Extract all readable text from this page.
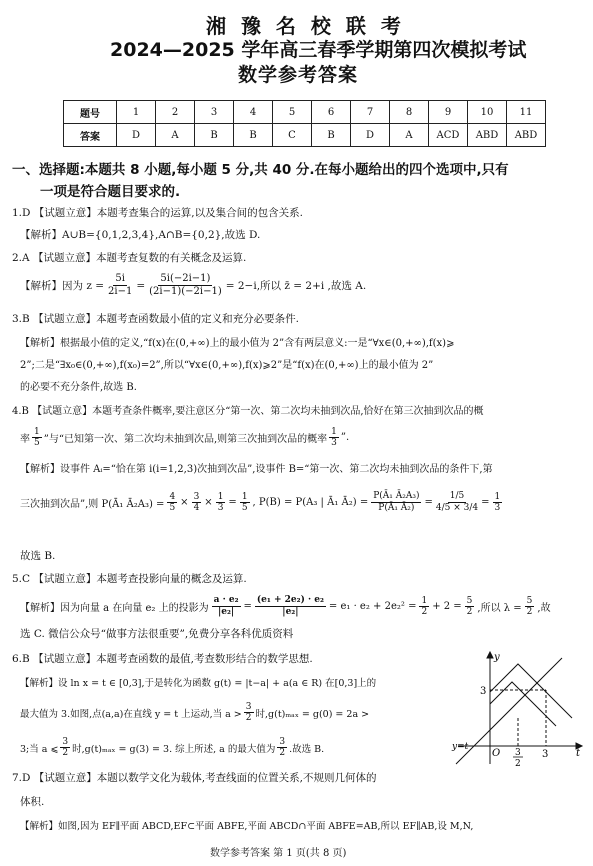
湘 豫 名 校 联 考
2024—2025 学年高三春季学期第四次模拟考试
数学参考答案
题号	1	2	3	4	5	6	7	8	9	10	11
答案	D	A	B	B	C	B	D	A	ACD	ABD	ABD
一、选择题:本题共 8 小题,每小题 5 分,共 40 分.在每小题给出的四个选项中,只有
一项是符合题目要求的.
1.D 【试题立意】本题考查集合的运算,以及集合间的包含关系.
【解析】A∪B={0,1,2,3,4},A∩B={0,2},故选 D.
2.A 【试题立意】本题考查复数的有关概念及运算.
【解析】因为 $z = \frac{5i}{2i-1} = \frac{5i(-2i-1)}{(2i-1)(-2i-1)} = 2-i$,所以 z̄ = 2+i ,故选 A.
3.B 【试题立意】本题考查函数最小值的定义和充分必要条件.
【解析】根据最小值的定义,“f(x)在(0,+∞)上的最小值为 2”含有两层意义:一是“∀x∈(0,+∞),f(x)⩾
2”;二是“∃x₀∈(0,+∞),f(x₀)=2”,所以“∀x∈(0,+∞),f(x)⩾2”是“f(x)在(0,+∞)上的最小值为 2”
的必要不充分条件,故选 B.
4.B 【试题立意】本题考查条件概率,要注意区分“第一次、第二次均未抽到次品,恰好在第三次抽到次品的概
率 $\frac{1}{5}$ ”与“已知第一次、第二次均未抽到次品,则第三次抽到次品的概率 $\frac{1}{3}$ ”.
【解析】设事件 Aᵢ=“恰在第 i(i=1,2,3)次抽到次品”,设事件 B=“第一次、第二次均未抽到次品的条件下,第
三次抽到次品”,则 P(Ā₁ Ā₂A₃) = $\frac{4}{5} \times \frac{3}{4} \times \frac{1}{3} = \frac{1}{5}$ , P(B) = P(A₃ | Ā₁ Ā₂) = $\frac{\text{P(Ā₁ Ā₂A₃)}}{\text{P(Ā₁ Ā₂)}} = \frac{1/5}{4/5 \times 3/4} = \frac{1}{3}$
故选 B.
5.C 【试题立意】本题考查投影向量的概念及运算.
【解析】因为向量 a 在向量 e₂ 上的投影为 $\frac{\text{a · e₂}}{\text{|e₂|}} = \frac{\text{(e₁ + 2e₂) · e₂}}{\text{|e₂|}} = e_1 \cdot e_2 + 2e_2^2 = \frac{1}{2} + 2 = \frac{5}{2}$ ,所以 $\lambda = \frac{5}{2}$ ,故
选 C. 微信公众号“做事方法很重要”,免费分享各科优质资料
6.B 【试题立意】本题考查函数的最值,考查数形结合的数学思想.
【解析】设 ln x = t ∈ [0,3],于是转化为函数 g(t) = |t−a| + a(a ∈ R) 在[0,3]上的
最大值为 3.如图,点(a,a)在直线 y = t 上运动,当 $a > \frac{3}{2}$ 时,g(t)ₘₐₓ = g(0) = 2a >
3;当 a ⩽ $\frac{3}{2}$ 时,g(t)ₘₐₓ = g(3) = 3. 综上所述, a 的最大值为 $\frac{3}{2}$ .故选 B.
y
t
O
3
3
3
2
y=t
7.D 【试题立意】本题以数学文化为载体,考查线面的位置关系,不规则几何体的
体积.
【解析】如图,因为 EF∥平面 ABCD,EF⊂平面 ABFE,平面 ABCD∩平面 ABFE=AB,所以 EF∥AB,设 M,N,
数学参考答案 第 1 页(共 8 页)
